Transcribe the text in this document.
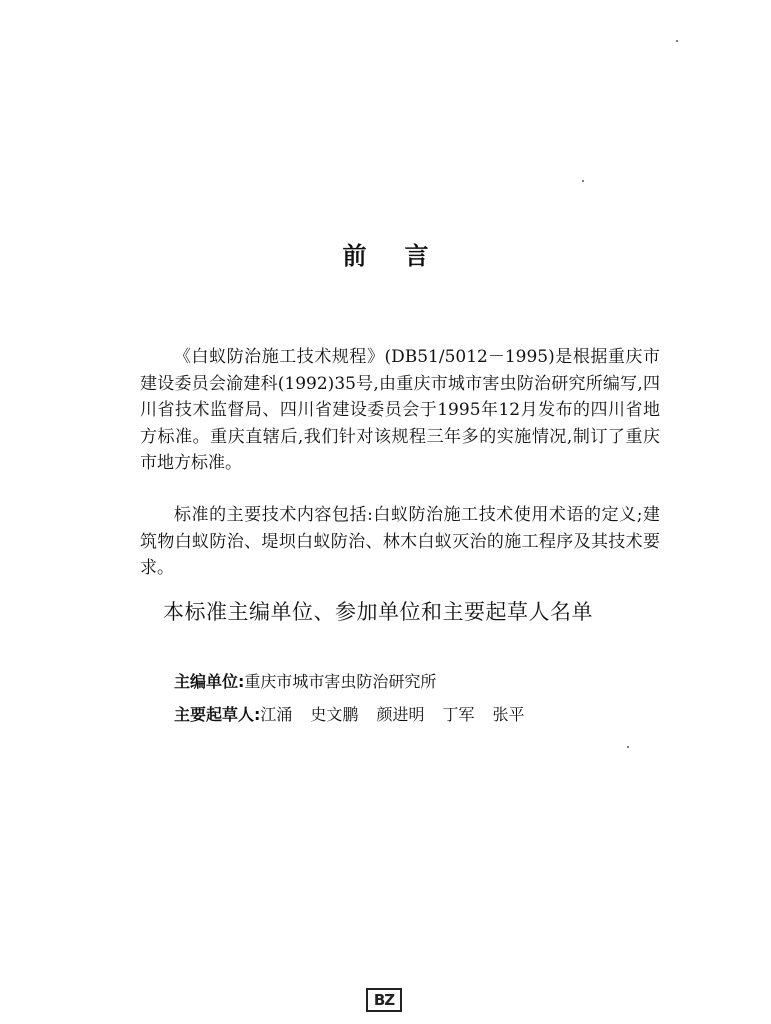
前言

《白蚁防治施工技术规程》(DB51/5012－1995)是根据重庆市建设委员会渝建科(1992)35号,由重庆市城市害虫防治研究所编写,四川省技术监督局、四川省建设委员会于1995年12月发布的四川省地方标准。重庆直辖后,我们针对该规程三年多的实施情况,制订了重庆市地方标准。

标准的主要技术内容包括:白蚁防治施工技术使用术语的定义;建筑物白蚁防治、堤坝白蚁防治、林木白蚁灭治的施工程序及其技术要求。

本标准主编单位、参加单位和主要起草人名单
主编单位:重庆市城市害虫防治研究所
主要起草人:江涌 史文鹏 颜进明 丁军 张平
BZ
